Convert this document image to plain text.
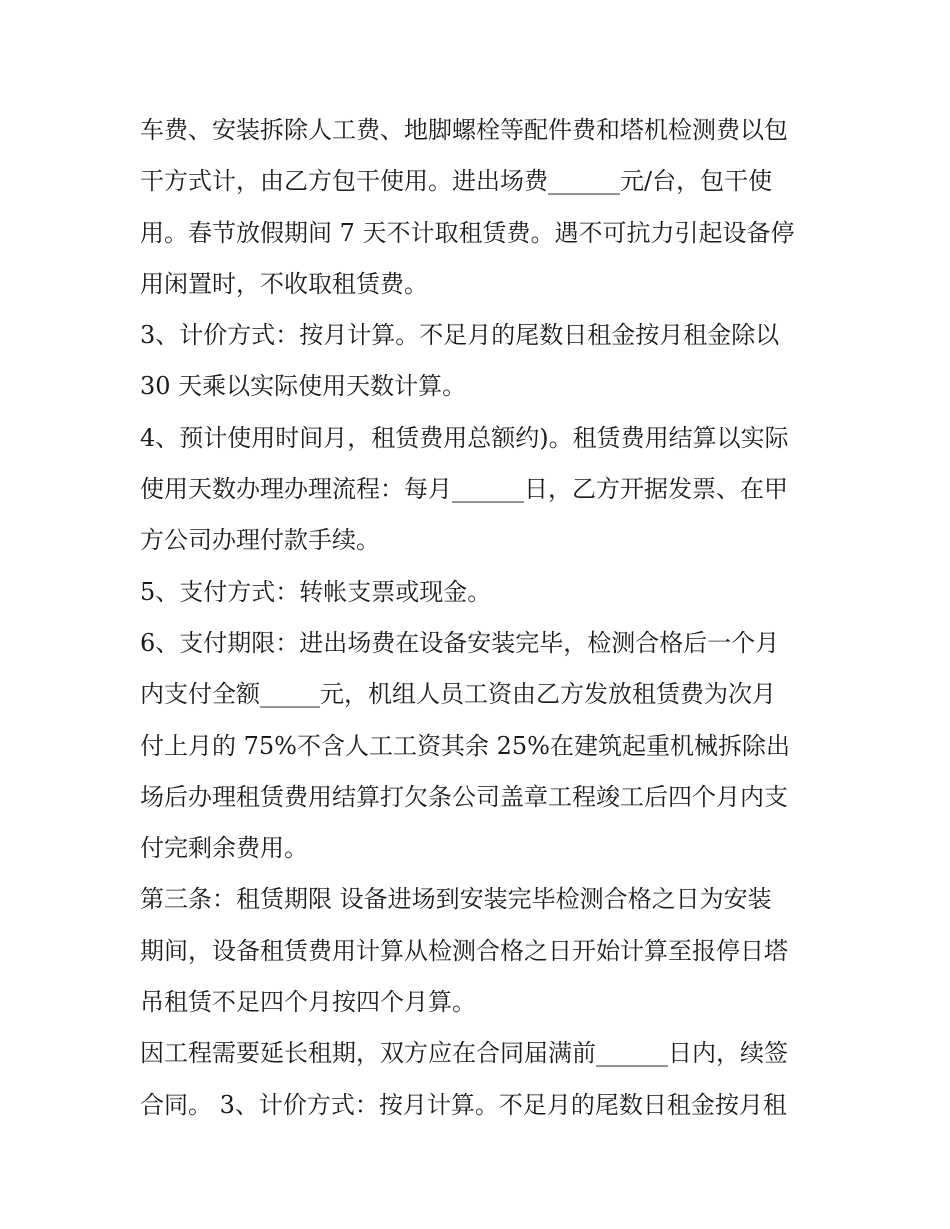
车费、安装拆除人工费、地脚螺栓等配件费和塔机检测费以包
干方式计，由乙方包干使用。进出场费______元/台，包干使
用。春节放假期间 7 天不计取租赁费。遇不可抗力引起设备停
用闲置时，不收取租赁费。
3、计价方式：按月计算。不足月的尾数日租金按月租金除以
30 天乘以实际使用天数计算。
4、预计使用时间月，租赁费用总额约)。租赁费用结算以实际
使用天数办理办理流程：每月______日，乙方开据发票、在甲
方公司办理付款手续。
5、支付方式：转帐支票或现金。
6、支付期限：进出场费在设备安装完毕，检测合格后一个月
内支付全额_____元，机组人员工资由乙方发放租赁费为次月
付上月的 75%不含人工工资其余 25%在建筑起重机械拆除出
场后办理租赁费用结算打欠条公司盖章工程竣工后四个月内支
付完剩余费用。
第三条：租赁期限 设备进场到安装完毕检测合格之日为安装
期间，设备租赁费用计算从检测合格之日开始计算至报停日塔
吊租赁不足四个月按四个月算。
因工程需要延长租期，双方应在合同届满前______日内，续签
合同。 3、计价方式：按月计算。不足月的尾数日租金按月租
